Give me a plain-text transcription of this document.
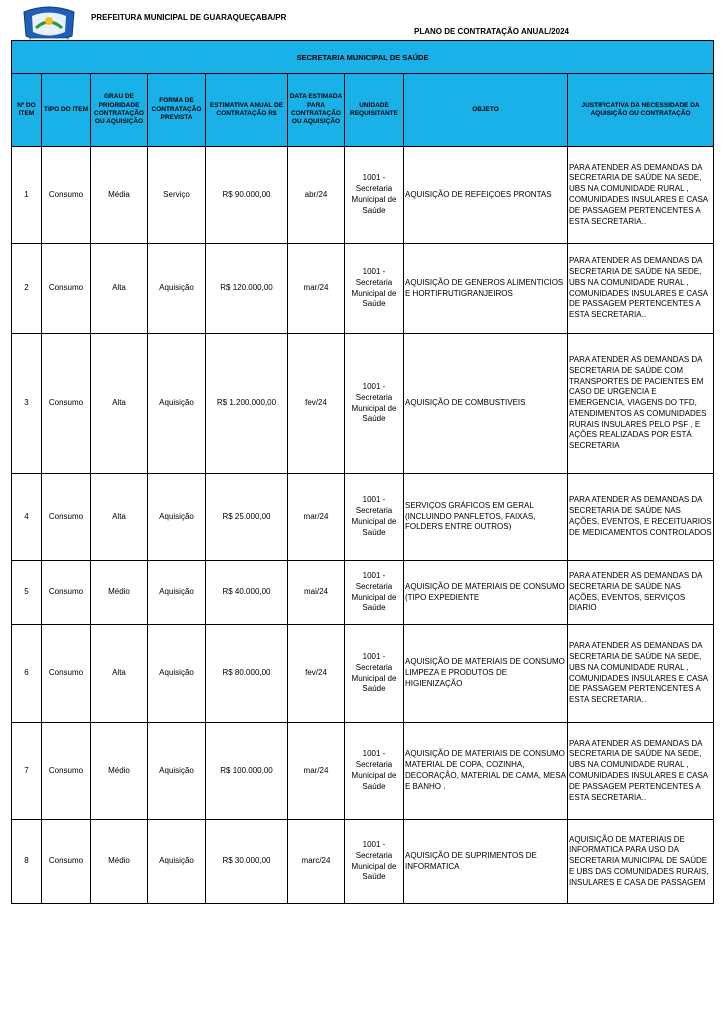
PREFEITURA MUNICIPAL DE GUARAQUEÇABA/PR
PLANO DE CONTRATAÇÃO ANUAL/2024
SECRETARIA MUNICIPAL DE SAÚDE								
Nº DO ITEM	TIPO DO ITEM	GRAU DE PRIORIDADE CONTRATAÇÃO OU AQUISIÇÃO	FORMA DE CONTRATAÇÃO PREVISTA	ESTIMATIVA ANUAL DE CONTRATAÇÃO R$	DATA ESTIMADA PARA CONTRATAÇÃO OU AQUISIÇÃO	UNIDADE REQUISITANTE	OBJETO	JUSTIFICATIVA DA NECESSIDADE DA AQUISIÇÃO OU CONTRATAÇÃO
1	Consumo	Média	Serviço	R$ 90.000,00	abr/24	1001 - Secretaria Municipal de Saúde	AQUISIÇÃO DE REFEIÇOES PRONTAS	PARA ATENDER AS DEMANDAS DA SECRETARIA DE SAÚDE NA SEDE, UBS NA COMUNIDADE RURAL , COMUNIDADES INSULARES E CASA DE PASSAGEM PERTENCENTES A ESTA SECRETARIA..
2	Consumo	Alta	Aquisição	R$ 120.000,00	mar/24	1001 - Secretaria Municipal de Saúde	AQUISIÇÃO DE GENEROS ALIMENTICIOS E HORTIFRUTIGRANJEIROS	PARA ATENDER AS DEMANDAS DA SECRETARIA DE SAÚDE NA SEDE, UBS NA COMUNIDADE RURAL , COMUNIDADES INSULARES E CASA DE PASSAGEM PERTENCENTES A ESTA SECRETARIA..
3	Consumo	Alta	Aquisição	R$ 1.200.000,00	fev/24	1001 - Secretaria Municipal de Saúde	AQUISIÇÃO DE COMBUSTIVEIS	PARA ATENDER AS DEMANDAS DA SECRETARIA DE SAÚDE COM TRANSPORTES DE PACIENTES EM CASO DE URGENCIA E EMERGENCIA, VIAGENS DO TFD, ATENDIMENTOS AS COMUNIDADES RURAIS INSULARES PELO PSF , E AÇÕES REALIZADAS POR ESTÁ SECRETARIA
4	Consumo	Alta	Aquisição	R$ 25.000,00	mar/24	1001 - Secretaria Municipal de Saúde	SERVIÇOS GRÁFICOS EM GERAL (INCLUINDO PANFLETOS, FAIXAS, FOLDERS ENTRE OUTROS)	PARA ATENDER AS DEMANDAS DA SECRETARIA DE SAÚDE NAS AÇÕES, EVENTOS, E RECEITUARIOS DE MEDICAMENTOS CONTROLADOS
5	Consumo	Médio	Aquisição	R$ 40.000,00	mai/24	1001 - Secretaria Municipal de Saúde	AQUISIÇÃO DE MATERIAIS DE CONSUMO (TIPO EXPEDIENTE	PARA ATENDER AS DEMANDAS DA SECRETARIA DE SAÚDE NAS AÇÕES, EVENTOS, SERVIÇOS DIARIO
6	Consumo	Alta	Aquisição	R$ 80.000,00	fev/24	1001 - Secretaria Municipal de Saúde	AQUISIÇÃO DE MATERIAIS DE CONSUMO LIMPEZA E PRODUTOS DE HIGIENIZAÇÃO	PARA ATENDER AS DEMANDAS DA SECRETARIA DE SAÚDE NA SEDE, UBS NA COMUNIDADE RURAL , COMUNIDADES INSULARES E CASA DE PASSAGEM PERTENCENTES A ESTA SECRETARIA..
7	Consumo	Médio	Aquisição	R$ 100.000,00	mar/24	1001 - Secretaria Municipal de Saúde	AQUISIÇÃO DE MATERIAIS DE CONSUMO MATERIAL DE COPA, COZINHA, DECORAÇÃO, MATERIAL DE CAMA, MESA E BANHO .	PARA ATENDER AS DEMANDAS DA SECRETARIA DE SAÚDE NA SEDE, UBS NA COMUNIDADE RURAL , COMUNIDADES INSULARES E CASA DE PASSAGEM PERTENCENTES A ESTA SECRETARIA..
8	Consumo	Médio	Aquisição	R$ 30.000,00	marc/24	1001 - Secretaria Municipal de Saúde	AQUISIÇÃO DE SUPRIMENTOS DE INFORMATICA	AQUISIÇÃO DE MATERIAIS DE INFORMATICA PARA USO DA SECRETARIA MUNICIPAL DE SAÚDE E UBS DAS COMUNIDADES RURAIS, INSULARES E CASA DE PASSAGEM
